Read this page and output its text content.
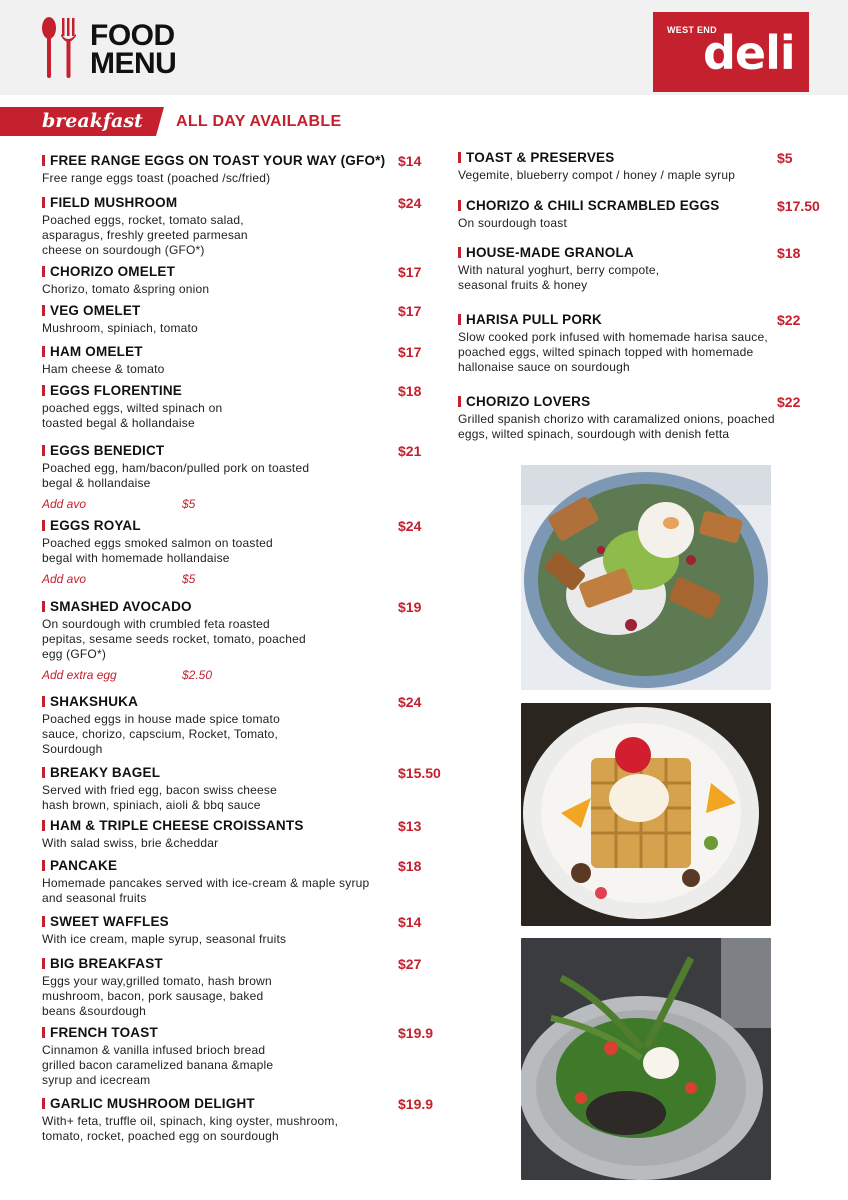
FOOD
MENU
WEST END
deli
breakfast ALL DAY AVAILABLE
FREE RANGE EGGS ON TOAST YOUR WAY (GFO*) $14
Free range eggs toast (poached /sc/fried)
FIELD MUSHROOM	$24
Poached eggs, rocket, tomato salad,
asparagus, freshly greeted parmesan
cheese on sourdough (GFO*)
CHORIZO OMELET	$17
Chorizo, tomato &spring onion
VEG OMELET	$17
Mushroom, spiniach, tomato
HAM OMELET	$17
Ham cheese & tomato
EGGS FLORENTINE	$18
poached eggs, wilted spinach on
toasted begal & hollandaise
EGGS BENEDICT	$21
Poached egg, ham/bacon/pulled pork on toasted
begal & hollandaise
Add avo	$5
EGGS ROYAL	$24
Poached eggs smoked salmon on toasted
begal with homemade hollandaise
Add avo	$5
SMASHED AVOCADO	$19
On sourdough with crumbled feta roasted
pepitas, sesame seeds rocket, tomato, poached
egg (GFO*)
Add extra egg	$2.50
SHAKSHUKA	$24
Poached eggs in house made spice tomato
sauce, chorizo, capscium, Rocket, Tomato,
Sourdough
BREAKY BAGEL	$15.50
Served with fried egg, bacon swiss cheese
hash brown, spiniach, aioli & bbq sauce
HAM & TRIPLE CHEESE CROISSANTS	$13
With salad swiss, brie &cheddar
PANCAKE	$18
Homemade pancakes served with ice-cream & maple syrup
and seasonal fruits
SWEET WAFFLES	$14
With ice cream, maple syrup, seasonal fruits
BIG BREAKFAST	$27
Eggs your way,grilled tomato, hash brown
mushroom, bacon, pork sausage, baked
beans &sourdough
FRENCH TOAST	$19.9
Cinnamon & vanilla infused brioch bread
grilled bacon caramelized banana &maple
syrup and icecream
GARLIC MUSHROOM DELIGHT	$19.9
With+ feta, truffle oil, spinach, king oyster, mushroom,
tomato, rocket, poached egg on sourdough
TOAST & PRESERVES	$5
Vegemite, blueberry compot / honey / maple syrup
CHORIZO & CHILI SCRAMBLED EGGS	$17.50
On sourdough toast
HOUSE-MADE GRANOLA	$18
With natural yoghurt, berry compote,
seasonal fruits & honey
HARISA PULL PORK	$22
Slow cooked pork infused with homemade harisa sauce,
poached eggs, wilted spinach topped with homemade
hallonaise sauce on sourdough
CHORIZO LOVERS	$22
Grilled spanish chorizo with caramalized onions, poached
eggs, wilted spinach, sourdough with denish fetta
